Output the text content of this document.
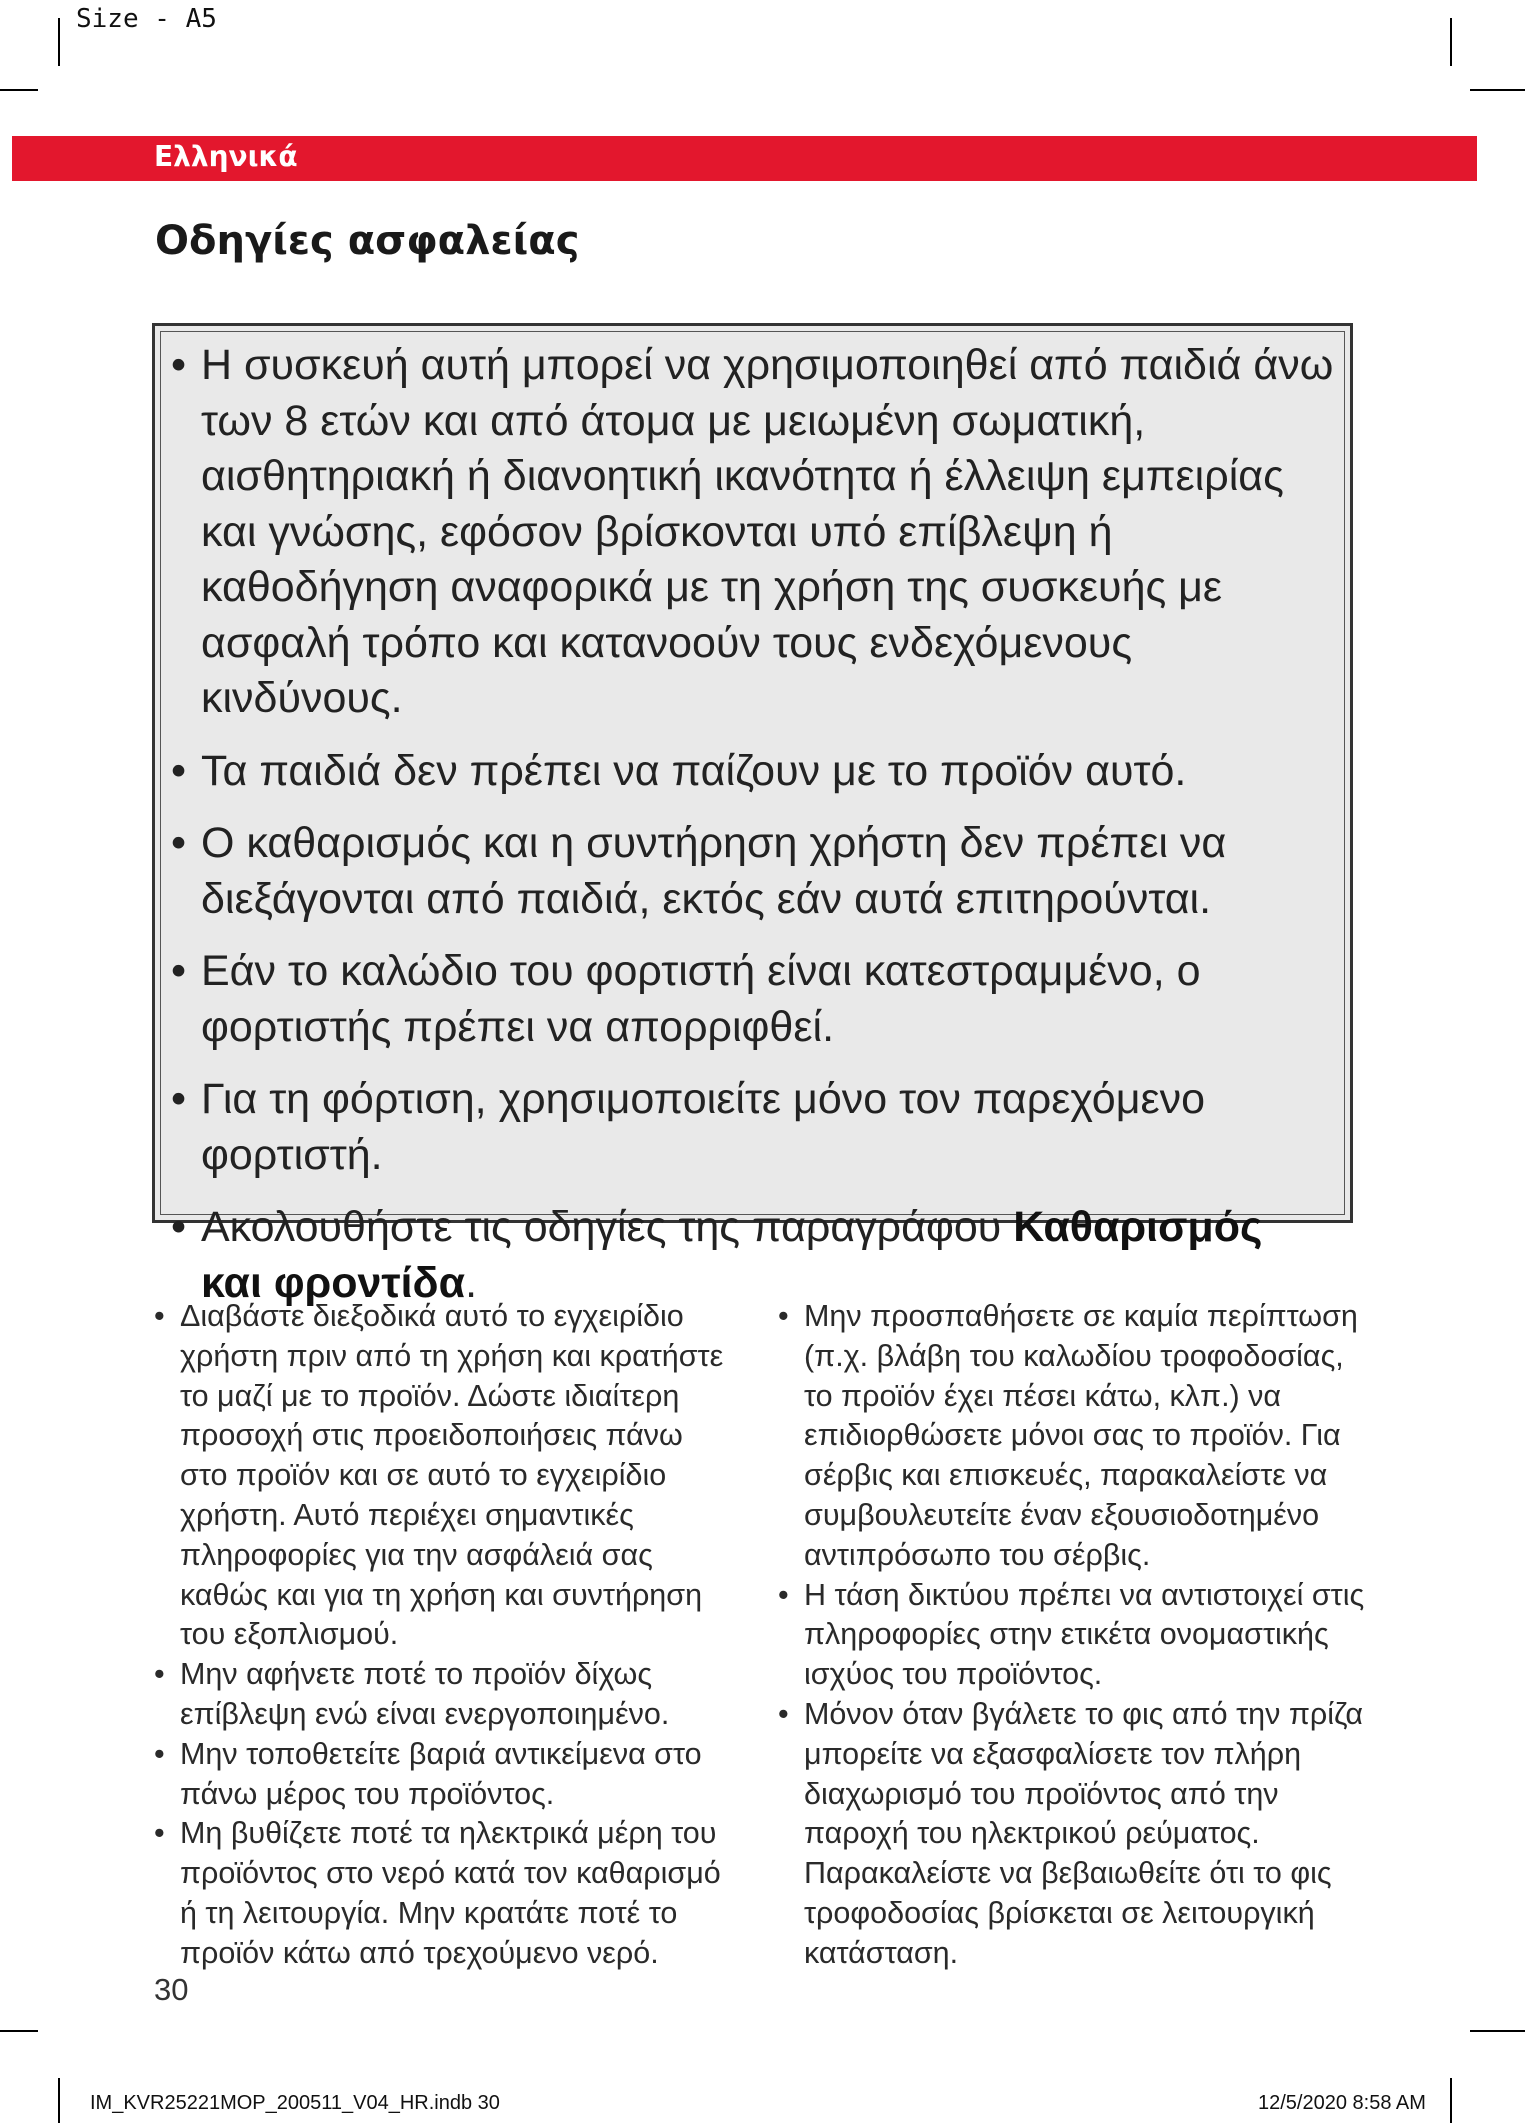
Size - A5
Ελληνικά
Οδηγίες ασφαλείας
• Η συσκευή αυτή μπορεί να χρησιμοποιηθεί από παιδιά άνω των 8 ετών και από άτομα με μειωμένη σωματική, αισθητηριακή ή διανοητική ικανότητα ή έλλειψη εμπειρίας και γνώσης, εφόσον βρίσκονται υπό επίβλεψη ή καθοδήγηση αναφορικά με τη χρήση της συσκευής με ασφαλή τρόπο και κατανοούν τους ενδεχόμενους κινδύνους.
• Τα παιδιά δεν πρέπει να παίζουν με το προϊόν αυτό.
• Ο καθαρισμός και η συντήρηση χρήστη δεν πρέπει να διεξάγονται από παιδιά, εκτός εάν αυτά επιτηρούνται.
• Εάν το καλώδιο του φορτιστή είναι κατεστραμμένο, ο φορτιστής πρέπει να απορριφθεί.
• Για τη φόρτιση, χρησιμοποιείτε μόνο τον παρεχόμενο φορτιστή.
• Ακολουθήστε τις οδηγίες της παραγράφου Καθαρισμός και φροντίδα.
• Διαβάστε διεξοδικά αυτό το εγχειρίδιο χρήστη πριν από τη χρήση και κρατήστε το μαζί με το προϊόν. Δώστε ιδιαίτερη προσοχή στις προειδοποιήσεις πάνω στο προϊόν και σε αυτό το εγχειρίδιο χρήστη. Αυτό περιέχει σημαντικές πληροφορίες για την ασφάλειά σας καθώς και για τη χρήση και συντήρηση του εξοπλισμού.
• Μην αφήνετε ποτέ το προϊόν δίχως επίβλεψη ενώ είναι ενεργοποιημένο.
• Μην τοποθετείτε βαριά αντικείμενα στο πάνω μέρος του προϊόντος.
• Μη βυθίζετε ποτέ τα ηλεκτρικά μέρη του προϊόντος στο νερό κατά τον καθαρισμό ή τη λειτουργία. Μην κρατάτε ποτέ το προϊόν κάτω από τρεχούμενο νερό.
• Μην προσπαθήσετε σε καμία περίπτωση (π.χ. βλάβη του καλωδίου τροφοδοσίας, το προϊόν έχει πέσει κάτω, κλπ.) να επιδιορθώσετε μόνοι σας το προϊόν. Για σέρβις και επισκευές, παρακαλείστε να συμβουλευτείτε έναν εξουσιοδοτημένο αντιπρόσωπο του σέρβις.
• Η τάση δικτύου πρέπει να αντιστοιχεί στις πληροφορίες στην ετικέτα ονομαστικής ισχύος του προϊόντος.
• Μόνον όταν βγάλετε το φις από την πρίζα μπορείτε να εξασφαλίσετε τον πλήρη διαχωρισμό του προϊόντος από την παροχή του ηλεκτρικού ρεύματος. Παρακαλείστε να βεβαιωθείτε ότι το φις τροφοδοσίας βρίσκεται σε λειτουργική κατάσταση.
30
IM_KVR25221MOP_200511_V04_HR.indb 30	12/5/2020 8:58 AM
